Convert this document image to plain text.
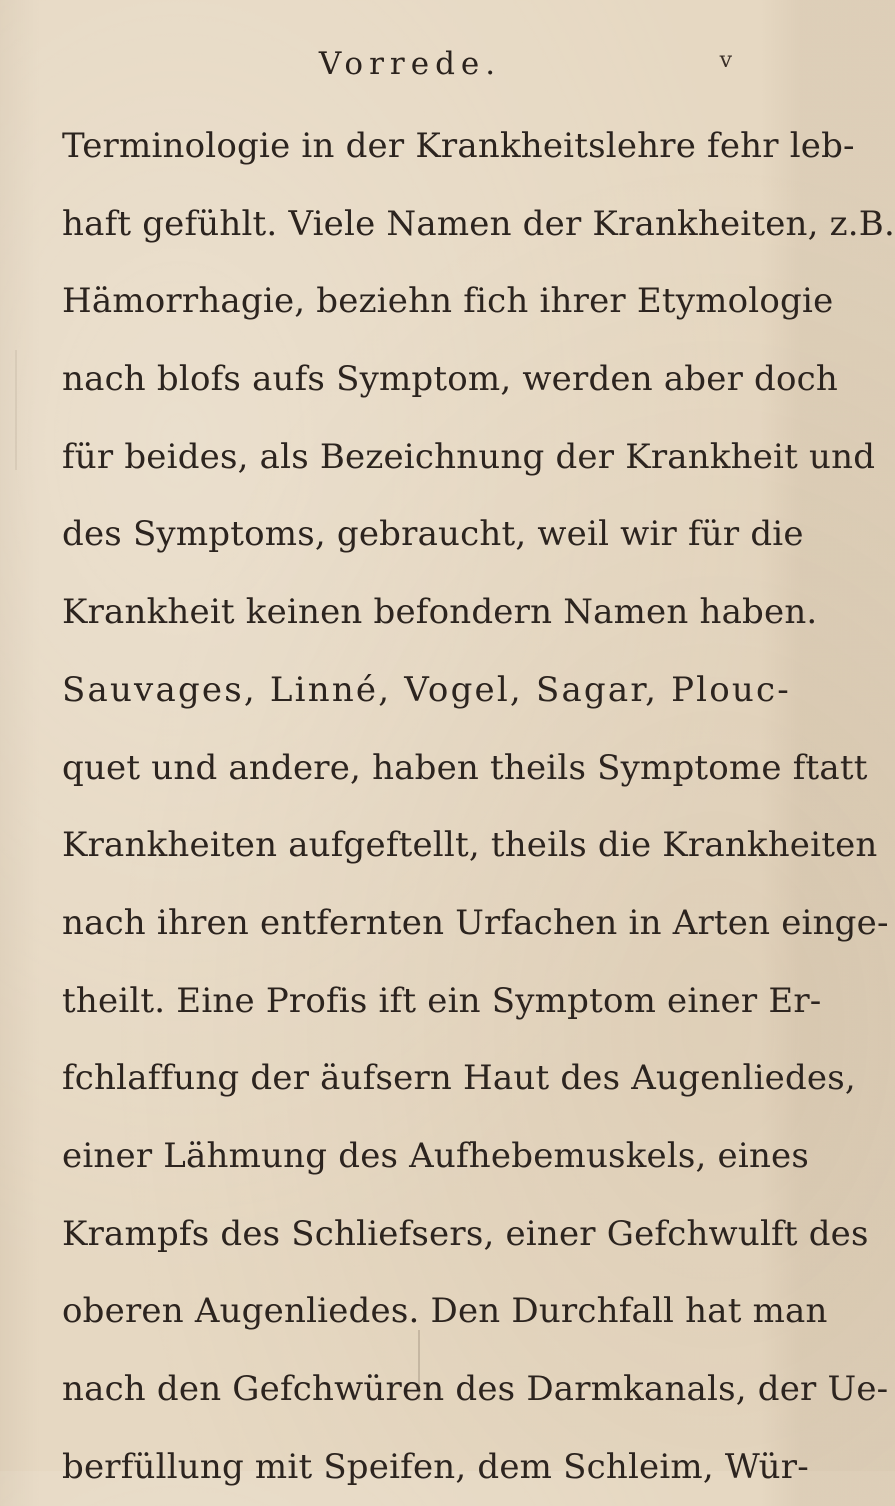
Vorrede.	v
Terminologie in der Krankheitslehre fehr leb-
haft gefühlt. Viele Namen der Krankheiten, z.B.
Hämorrhagie, beziehn fich ihrer Etymologie
nach blofs aufs Symptom, werden aber doch
für beides, als Bezeichnung der Krankheit und
des Symptoms, gebraucht, weil wir für die
Krankheit keinen befondern Namen haben.
Sauvages, Linné, Vogel, Sagar, Plouc-
quet und andere, haben theils Symptome ftatt
Krankheiten aufgeftellt, theils die Krankheiten
nach ihren entfernten Urfachen in Arten einge-
theilt. Eine Profis ift ein Symptom einer Er-
fchlaffung der äufsern Haut des Augenliedes,
einer Lähmung des Aufhebemuskels, eines
Krampfs des Schliefsers, einer Gefchwulft des
oberen Augenliedes. Den Durchfall hat man
nach den Gefchwüren des Darmkanals, der Ue-
berfüllung mit Speifen, dem Schleim, Wür-
